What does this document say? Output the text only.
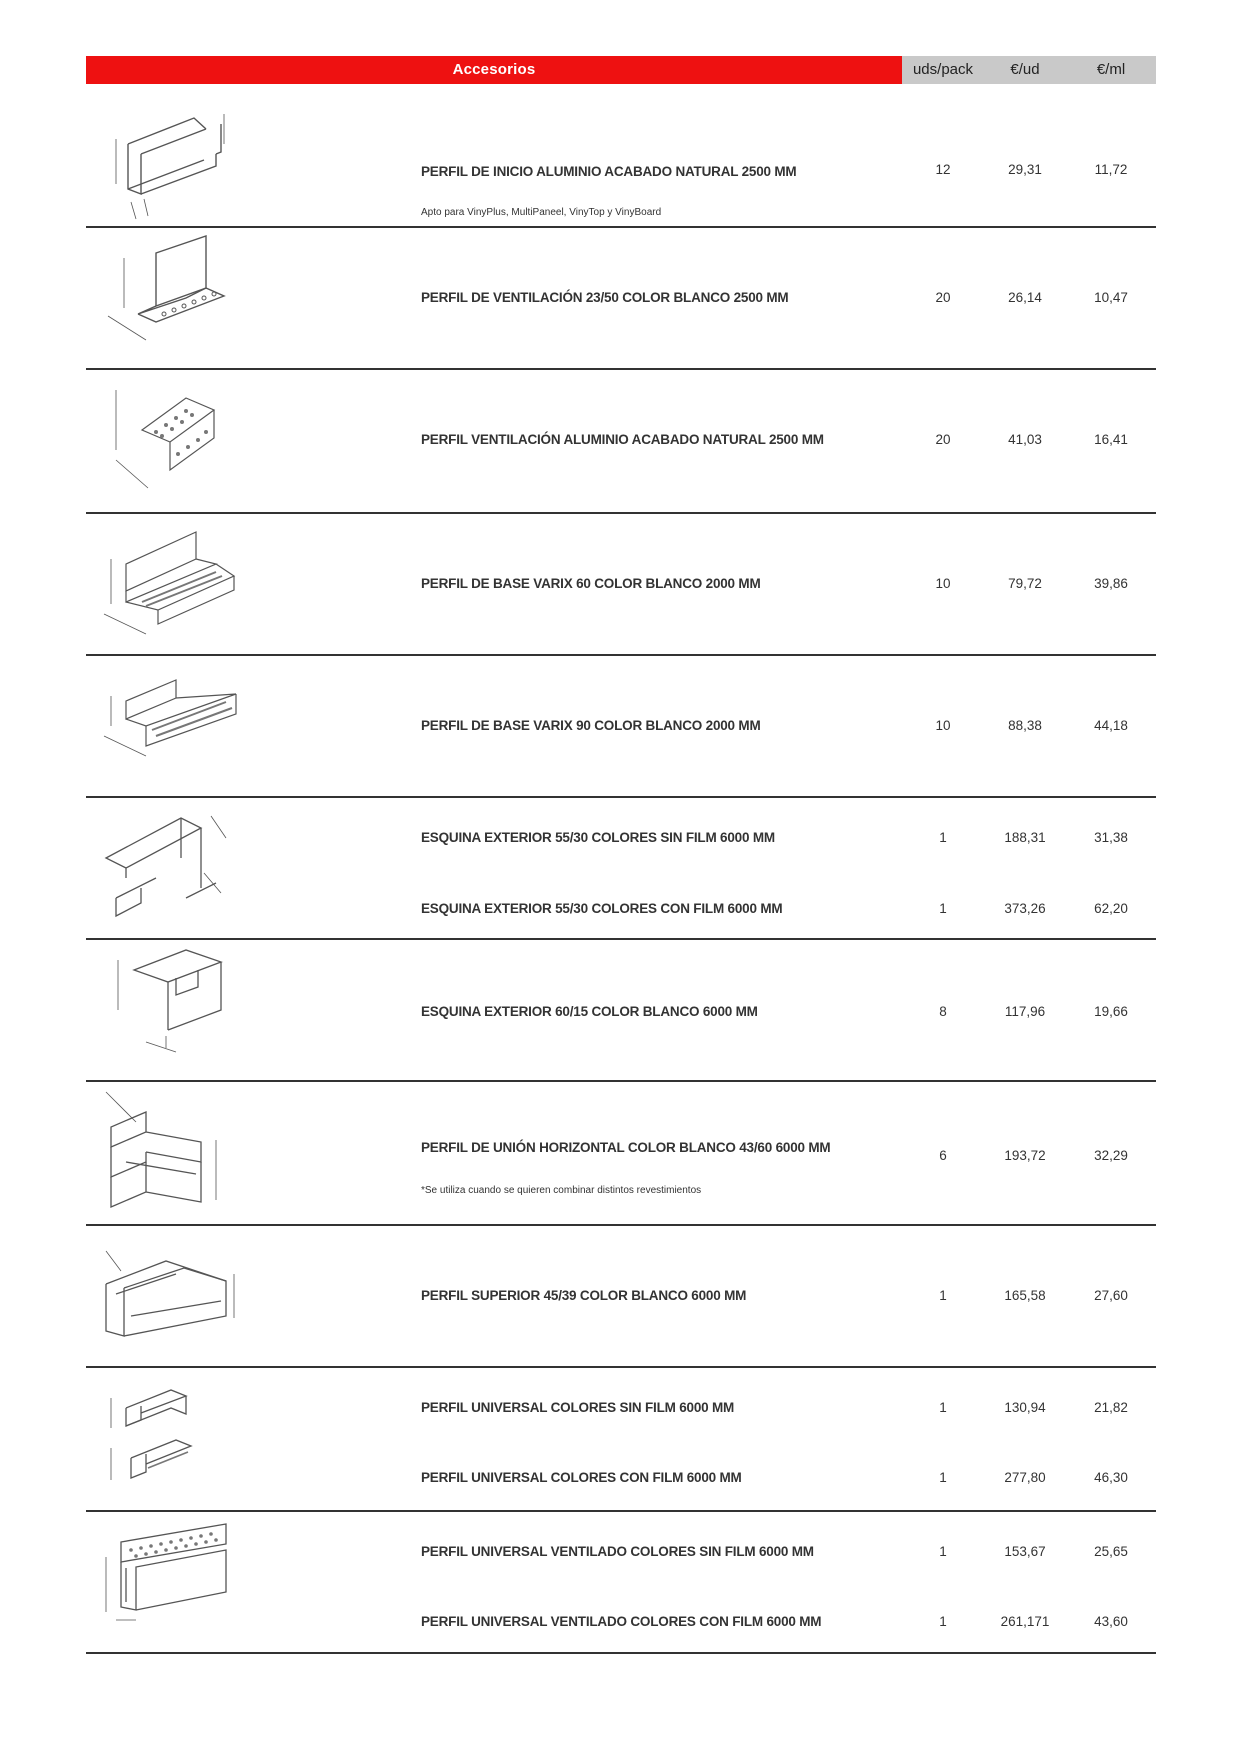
Accesorios	uds/pack	€/ud	€/ml
PERFIL DE INICIO ALUMINIO ACABADO NATURAL 2500 MM
Apto para VinyPlus, MultiPaneel, VinyTop y VinyBoard
12	29,31	11,72
PERFIL DE VENTILACIÓN 23/50 COLOR BLANCO 2500 MM	20	26,14	10,47
PERFIL VENTILACIÓN ALUMINIO ACABADO NATURAL 2500 MM	20	41,03	16,41
PERFIL DE BASE VARIX 60 COLOR BLANCO 2000 MM	10	79,72	39,86
PERFIL DE BASE VARIX 90 COLOR BLANCO 2000 MM	10	88,38	44,18
ESQUINA EXTERIOR 55/30 COLORES SIN FILM 6000 MM	1	188,31	31,38
ESQUINA EXTERIOR 55/30 COLORES CON FILM 6000 MM	1	373,26	62,20
ESQUINA EXTERIOR 60/15 COLOR BLANCO 6000 MM	8	117,96	19,66
PERFIL DE UNIÓN HORIZONTAL COLOR BLANCO 43/60 6000 MM
*Se utiliza cuando se quieren combinar distintos revestimientos
6	193,72	32,29
PERFIL SUPERIOR 45/39 COLOR BLANCO 6000 MM	1	165,58	27,60
PERFIL UNIVERSAL COLORES SIN FILM 6000 MM	1	130,94	21,82
PERFIL UNIVERSAL COLORES CON FILM 6000 MM	1	277,80	46,30
PERFIL UNIVERSAL VENTILADO COLORES SIN FILM 6000 MM	1	153,67	25,65
PERFIL UNIVERSAL VENTILADO COLORES CON FILM 6000 MM	1	261,171	43,60
